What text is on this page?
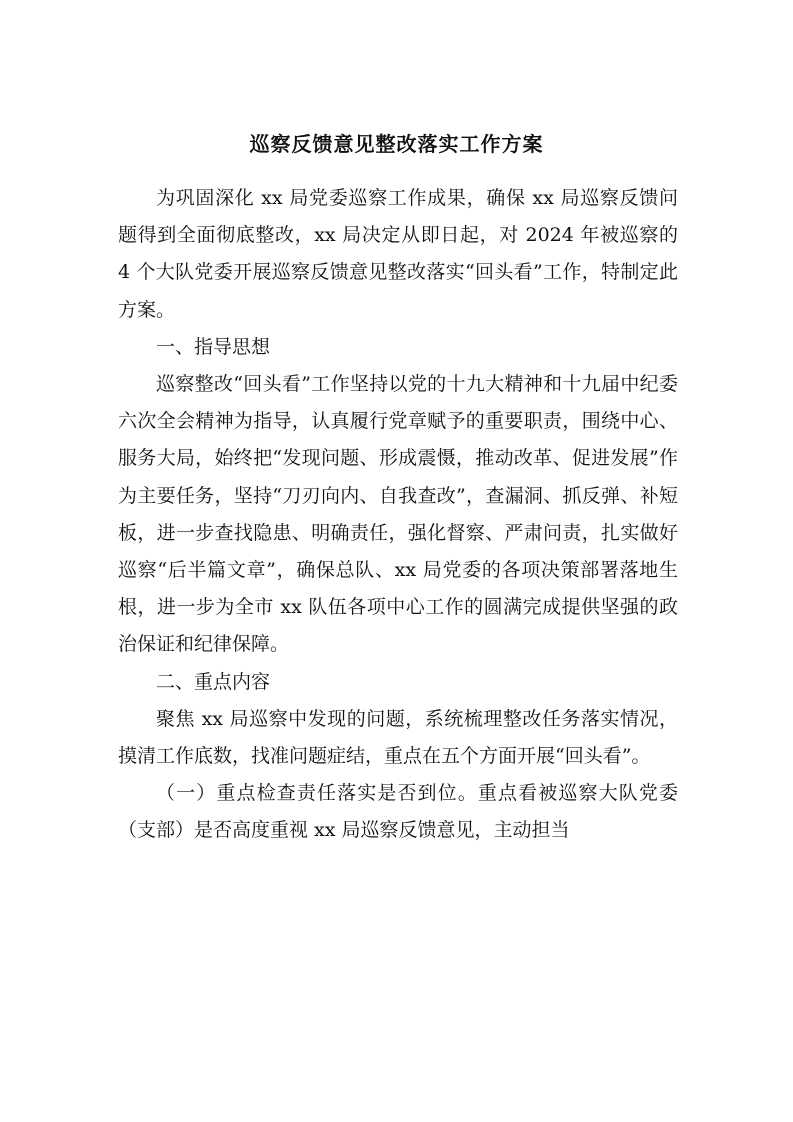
巡察反馈意见整改落实工作方案

为巩固深化 xx 局党委巡察工作成果，确保 xx 局巡察反馈问题得到全面彻底整改，xx 局决定从即日起，对 2024 年被巡察的 4 个大队党委开展巡察反馈意见整改落实“回头看”工作，特制定此方案。

一、指导思想

巡察整改“回头看”工作坚持以党的十九大精神和十九届中纪委六次全会精神为指导，认真履行党章赋予的重要职责，围绕中心、服务大局，始终把“发现问题、形成震慑，推动改革、促进发展”作为主要任务，坚持“刀刃向内、自我查改”，查漏洞、抓反弹、补短板，进一步查找隐患、明确责任，强化督察、严肃问责，扎实做好巡察“后半篇文章”，确保总队、xx 局党委的各项决策部署落地生根，进一步为全市 xx 队伍各项中心工作的圆满完成提供坚强的政治保证和纪律保障。

二、重点内容

聚焦 xx 局巡察中发现的问题，系统梳理整改任务落实情况，摸清工作底数，找准问题症结，重点在五个方面开展“回头看”。

（一）重点检查责任落实是否到位。重点看被巡察大队党委（支部）是否高度重视 xx 局巡察反馈意见，主动担当
